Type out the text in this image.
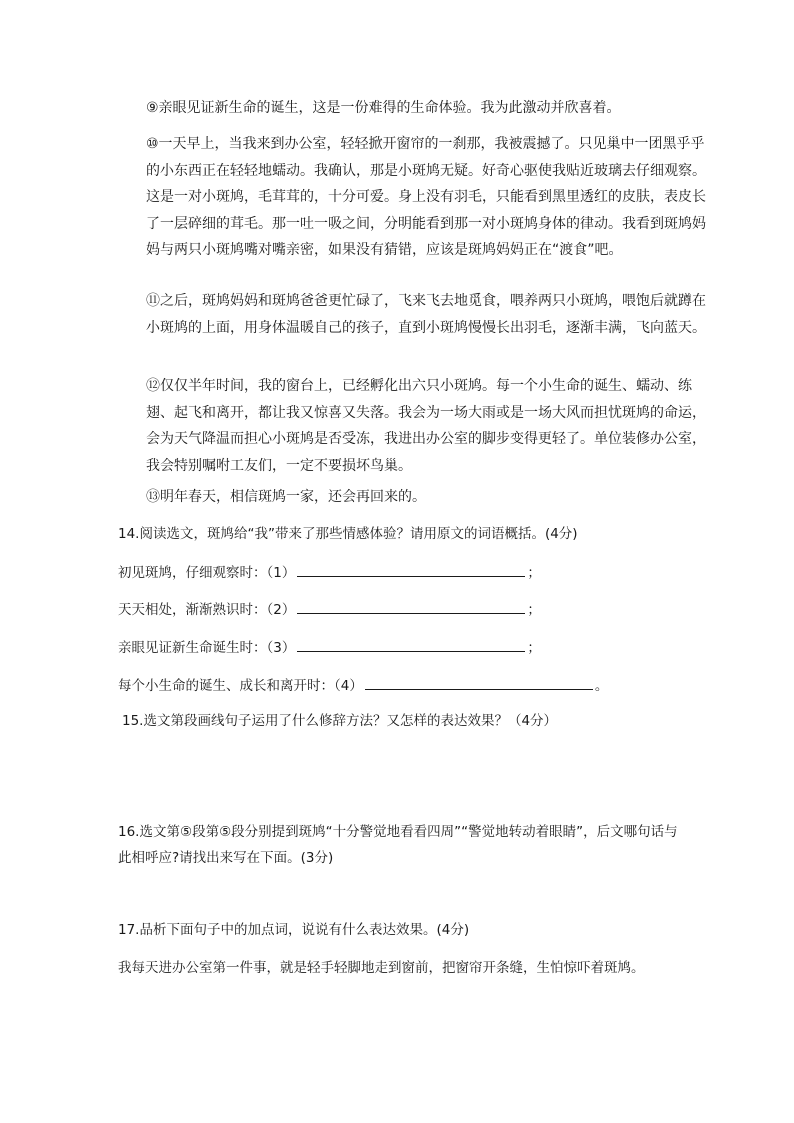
⑨亲眼见证新生命的诞生，这是一份难得的生命体验。我为此激动并欣喜着。

⑩一天早上，当我来到办公室，轻轻掀开窗帘的一刹那，我被震撼了。只见巢中一团黑乎乎的小东西正在轻轻地蠕动。我确认，那是小斑鸠无疑。好奇心驱使我贴近玻璃去仔细观察。这是一对小斑鸠，毛茸茸的，十分可爱。身上没有羽毛，只能看到黑里透红的皮肤，表皮长了一层碎细的茸毛。那一吐一吸之间，分明能看到那一对小斑鸠身体的律动。我看到斑鸠妈妈与两只小斑鸠嘴对嘴亲密，如果没有猜错，应该是斑鸠妈妈正在“渡食”吧。

⑪之后，斑鸠妈妈和斑鸠爸爸更忙碌了，飞来飞去地觅食，喂养两只小斑鸠，喂饱后就蹲在小斑鸠的上面，用身体温暖自己的孩子，直到小斑鸠慢慢长出羽毛，逐渐丰满，飞向蓝天。

⑫仅仅半年时间，我的窗台上，已经孵化出六只小斑鸠。每一个小生命的诞生、蠕动、练翅、起飞和离开，都让我又惊喜又失落。我会为一场大雨或是一场大风而担忧斑鸠的命运，会为天气降温而担心小斑鸠是否受冻，我进出办公室的脚步变得更轻了。单位装修办公室，我会特别嘱咐工友们，一定不要损坏鸟巢。

⑬明年春天，相信斑鸠一家，还会再回来的。

14.阅读选文，斑鸠给“我”带来了那些情感体验？请用原文的词语概括。(4分)

初见斑鸠，仔细观察时：（1）	；

天天相处，渐渐熟识时：（2）	；

亲眼见证新生命诞生时：（3）	；

每个小生命的诞生、成长和离开时：（4）	。

15.选文第段画线句子运用了什么修辞方法？又怎样的表达效果？（4分）

16.选文第⑤段第⑤段分别提到斑鸠“十分警觉地看看四周”“警觉地转动着眼睛”，后文哪句话与此相呼应?请找出来写在下面。(3分)

17.品析下面句子中的加点词，说说有什么表达效果。(4分)

我每天进办公室第一件事，就是轻手轻脚地走到窗前，把窗帘开条缝，生怕惊吓着斑鸠。
